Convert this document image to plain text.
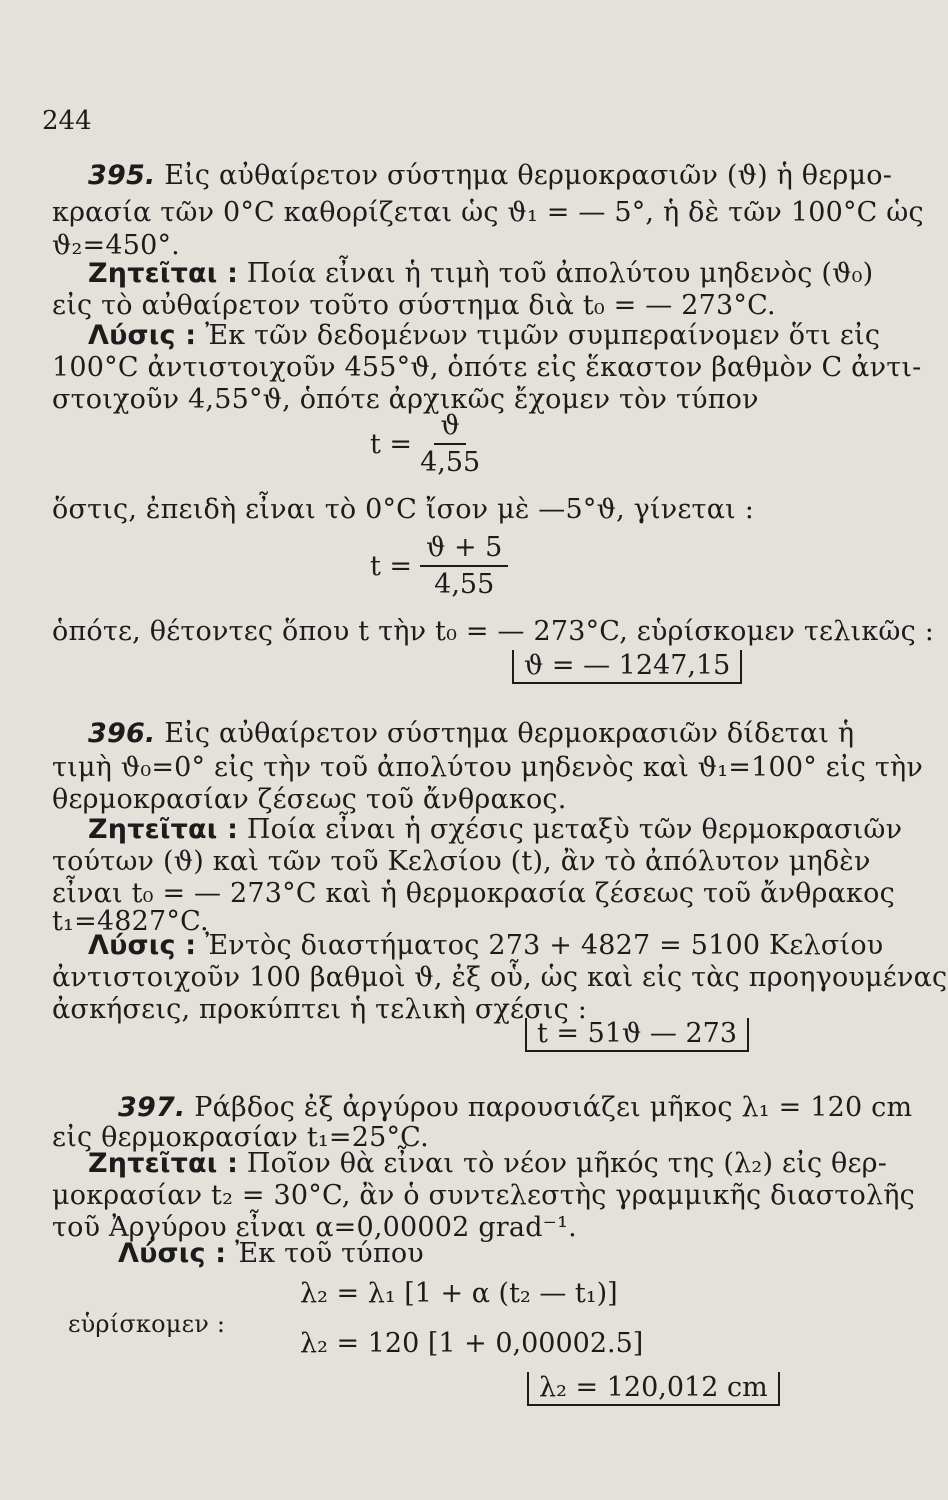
244
395. Εἰς αὐθαίρετον σύστημα θερμοκρασιῶν (ϑ) ἡ θερμο-
κρασία τῶν 0°C καθορίζεται ὡς ϑ₁ = — 5°, ἡ δὲ τῶν 100°C ὡς
ϑ₂=450°.
Ζητεῖται : Ποία εἶναι ἡ τιμὴ τοῦ ἀπολύτου μηδενὸς (ϑ₀)
εἰς τὸ αὐθαίρετον τοῦτο σύστημα διὰ t₀ = — 273°C.
Λύσις : Ἐκ τῶν δεδομένων τιμῶν συμπεραίνομεν ὅτι εἰς
100°C ἀντιστοιχοῦν 455°ϑ, ὁπότε εἰς ἕκαστον βαθμὸν C ἀντι-
στοιχοῦν 4,55°ϑ, ὁπότε ἀρχικῶς ἔχομεν τὸν τύπον
$t = \frac{ϑ}{4,55}$
ὅστις, ἐπειδὴ εἶναι τὸ 0°C ἴσον μὲ —5°ϑ, γίνεται :
$t = \frac{ϑ + 5}{4,55}$
ὁπότε, θέτοντες ὅπου t τὴν t₀ = — 273°C, εὑρίσκομεν τελικῶς :
ϑ = — 1247,15
396. Εἰς αὐθαίρετον σύστημα θερμοκρασιῶν δίδεται ἡ
τιμὴ ϑ₀=0° εἰς τὴν τοῦ ἀπολύτου μηδενὸς καὶ ϑ₁=100° εἰς τὴν
θερμοκρασίαν ζέσεως τοῦ ἄνθρακος.
Ζητεῖται : Ποία εἶναι ἡ σχέσις μεταξὺ τῶν θερμοκρασιῶν
τούτων (ϑ) καὶ τῶν τοῦ Κελσίου (t), ἂν τὸ ἀπόλυτον μηδὲν
εἶναι t₀ = — 273°C καὶ ἡ θερμοκρασία ζέσεως τοῦ ἄνθρακος
t₁=4827°C.
Λύσις : Ἐντὸς διαστήματος 273 + 4827 = 5100 Κελσίου
ἀντιστοιχοῦν 100 βαθμοὶ ϑ, ἐξ οὗ, ὡς καὶ εἰς τὰς προηγουμένας
ἀσκήσεις, προκύπτει ἡ τελικὴ σχέσις :
t = 51ϑ — 273
397. Ράβδος ἐξ ἀργύρου παρουσιάζει μῆκος λ₁ = 120 cm
εἰς θερμοκρασίαν t₁=25°C.
Ζητεῖται : Ποῖον θὰ εἶναι τὸ νέον μῆκός της (λ₂) εἰς θερ-
μοκρασίαν t₂ = 30°C, ἂν ὁ συντελεστὴς γραμμικῆς διαστολῆς
τοῦ Ἀργύρου εἶναι α=0,00002 grad⁻¹.
Λύσις : Ἐκ τοῦ τύπου
λ₂ = λ₁ [1 + α (t₂ — t₁)]
εὑρίσκομεν :
λ₂ = 120 [1 + 0,00002.5]
λ₂ = 120,012 cm
